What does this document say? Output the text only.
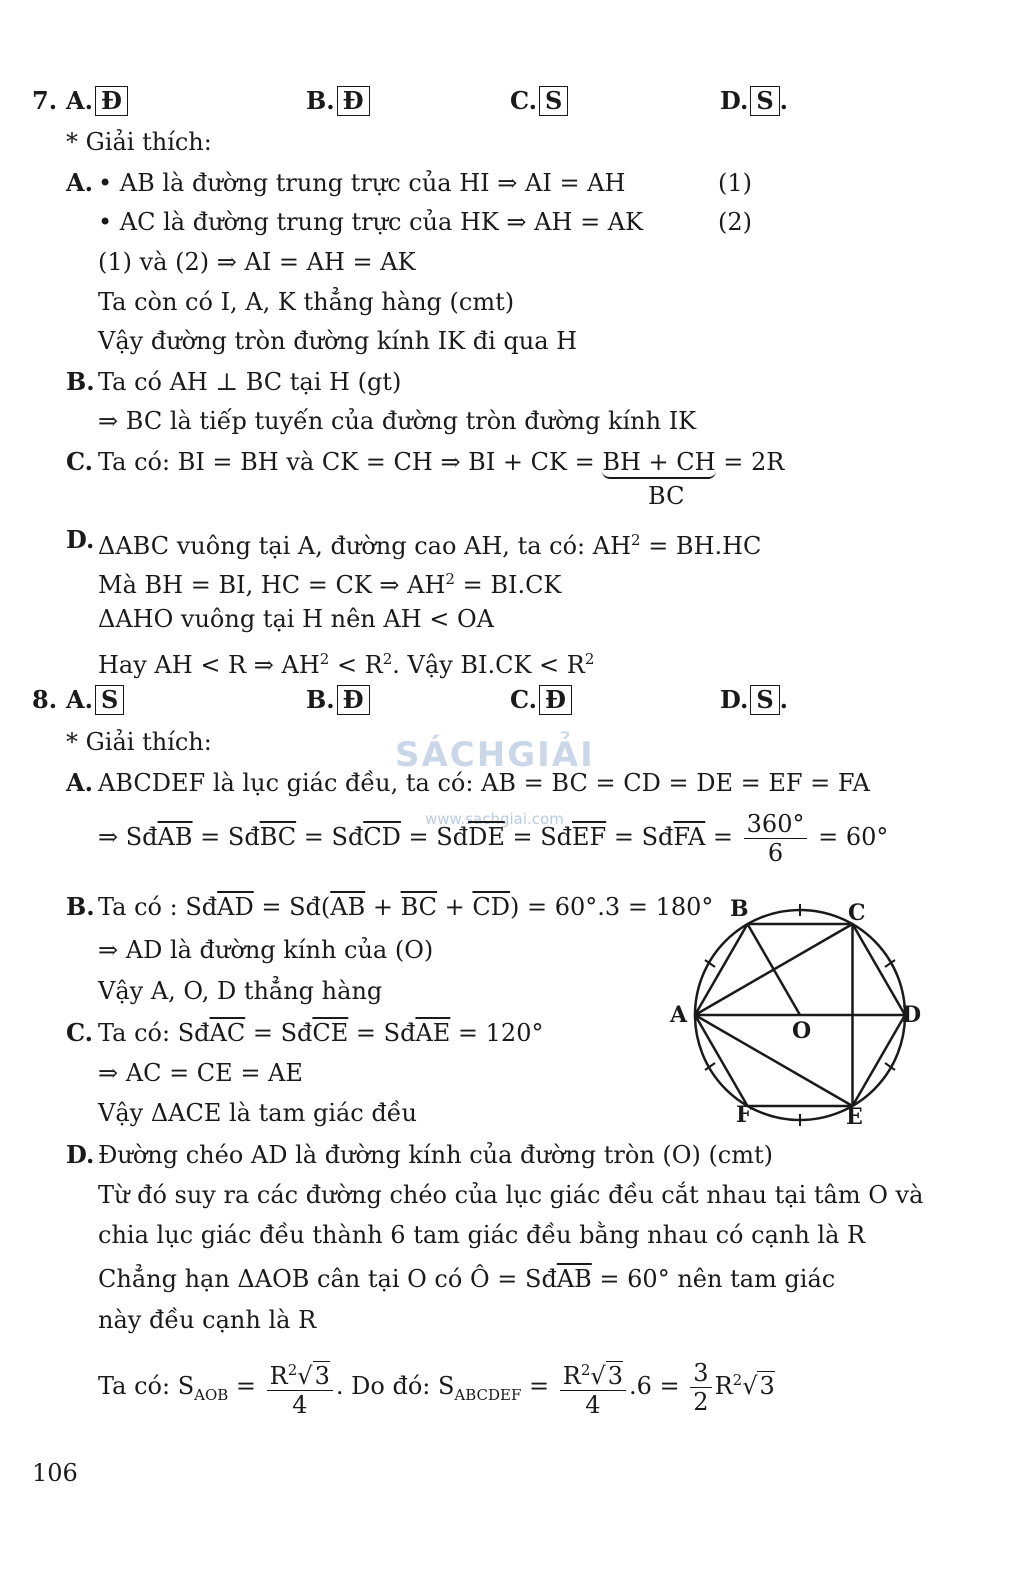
7. A. Đ	B. Đ	C. S	D. S .
* Giải thích:
A. • AB là đường trung trực của HI ⇒ AI = AH	(1)
• AC là đường trung trực của HK ⇒ AH = AK	(2)
(1) và (2) ⇒ AI = AH = AK
Ta còn có I, A, K thẳng hàng (cmt)
Vậy đường tròn đường kính IK đi qua H
B. Ta có AH ⊥ BC tại H (gt)
⇒ BC là tiếp tuyến của đường tròn đường kính IK
C. Ta có: BI = BH và CK = CH ⇒ BI + CK = BH + CH = 2R
BC
D. ΔABC vuông tại A, đường cao AH, ta có: $AH^2 = BH.HC$
Mà BH = BI, HC = CK ⇒ $AH^2 = BI.CK$
ΔAHO vuông tại H nên AH < OA
Hay AH < R ⇒ $AH^2 < R^2$. Vậy $BI.CK < R^2$
8. A. S	B. Đ	C. Đ	D. S .
* Giải thích:	SÁCHGIẢI
www.sachgiai.com
A. ABCDEF là lục giác đều, ta có: AB = BC = CD = DE = EF = FA
⇒ $Sđ\overline{AB}$ = $Sđ\overline{BC}$ = $Sđ\overline{CD}$ = $Sđ\overline{DE}$ = $Sđ\overline{EF}$ = $Sđ\overline{FA} = \frac{360^\circ}{6} = 60^\circ$
B. Ta có : $Sđ\overline{AD}$ = $Sđ(\overline{AB} + \overline{BC} + \overline{CD}) = 60^\circ.3 = 180^\circ$
⇒ AD là đường kính của (O)
Vậy A, O, D thẳng hàng
C. Ta có: $Sđ\overline{AC}$ = $Sđ\overline{CE}$ = $Sđ\overline{AE} = 120^\circ$
⇒ AC = CE = AE
Vậy ΔACE là tam giác đều
B	C
A	D
O
F	E
D. Đường chéo AD là đường kính của đường tròn (O) (cmt)
Từ đó suy ra các đường chéo của lục giác đều cắt nhau tại tâm O và
chia lục giác đều thành 6 tam giác đều bằng nhau có cạnh là R
Chẳng hạn ΔAOB cân tại O có Ô = $Sđ\overline{AB} = 60^\circ$ nên tam giác
này đều cạnh là R
Ta có: $S_{AOB} = \frac{R^2√3}{4}$ . Do đó: $S_{ABCDEF} = \frac{R^2√3}{4} .6 = \frac{3}{2} R^2√3$
106
